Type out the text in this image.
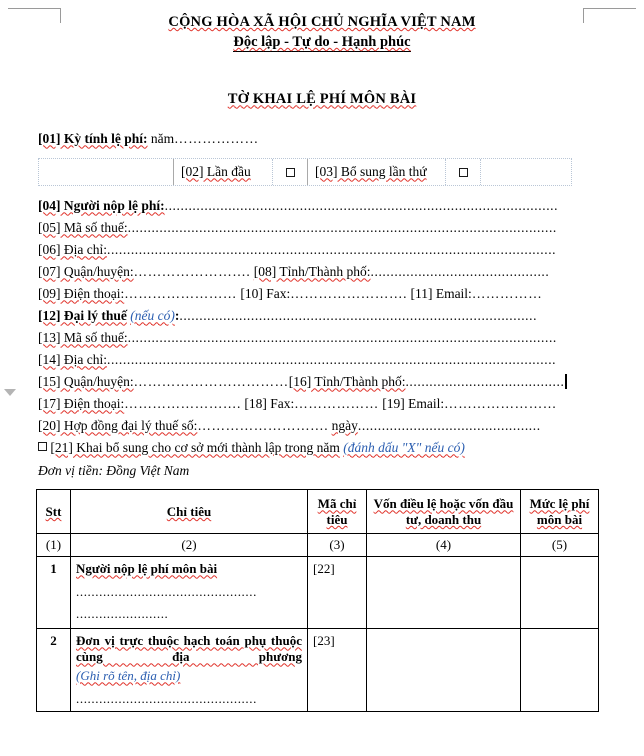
CỘNG HÒA XÃ HỘI CHỦ NGHĨA VIỆT NAM
Độc lập - Tự do - Hạnh phúc
TỜ KHAI LỆ PHÍ MÔN BÀI
[01] Kỳ tính lệ phí: năm………………
[02] Lần đầu	[03] Bổ sung lần thứ
[04] Người nộp lệ phí:...................................................................................................
[05] Mã số thuế:............................................................................................................
[06] Địa chỉ:.................................................................................................................
[07] Quận/huyện:……………………. [08] Tỉnh/Thành phố:.............................................
[09] Điện thoại:…………………… [10] Fax:……………………. [11] Email:……………
[12] Đại lý thuế (nếu có):..........................................................................................
[13] Mã số thuế:............................................................................................................
[14] Địa chỉ:.................................................................................................................
[15] Quận/huyện:……………………………[16] Tỉnh/Thành phố:........................................
[17] Điện thoại:……………………. [18] Fax:……………… [19] Email:……………………
[20] Hợp đồng đại lý thuế số:………………………. ngày..............................................
[21] Khai bổ sung cho cơ sở mới thành lập trong năm (đánh dấu "X" nếu có)
Đơn vị tiền: Đồng Việt Nam
Stt	Chỉ tiêu	Mã chỉ tiêu	Vốn điều lệ hoặc vốn đầu tư, doanh thu	Mức lệ phí môn bài
(1)	(2)	(3)	(4)	(5)
1	Người nộp lệ phí môn bài
...............................................
........................	[22]		
2	Đơn vị trực thuộc hạch toán phụ thuộc cùng địa phương
(Ghi rõ tên, địa chỉ)
...............................................	[23]		
